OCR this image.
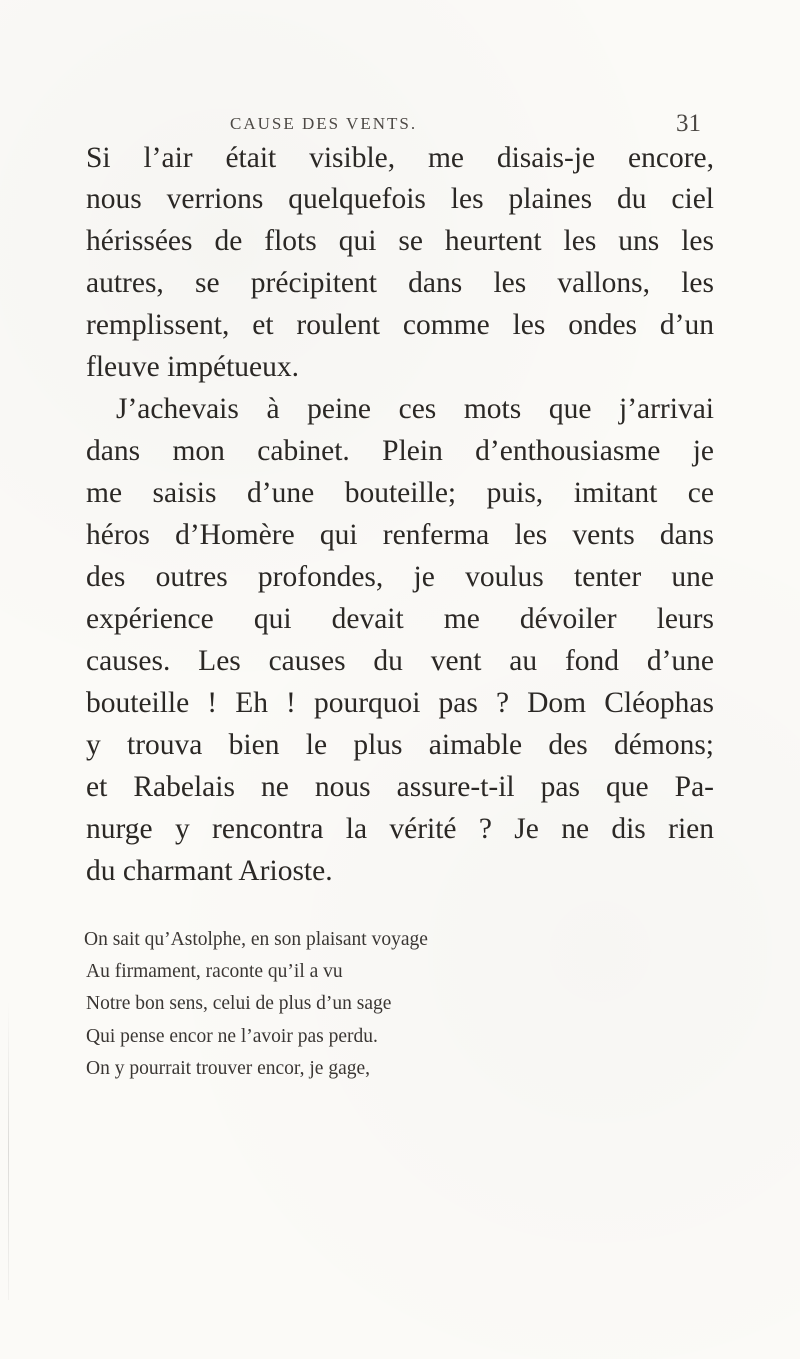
CAUSE DES VENTS.	31
Si l’air était visible, me disais-je encore,
nous verrions quelquefois les plaines du ciel
hérissées de flots qui se heurtent les uns les
autres, se précipitent dans les vallons, les
remplissent, et roulent comme les ondes d’un
fleuve impétueux.
J’achevais à peine ces mots que j’arrivai
dans mon cabinet. Plein d’enthousiasme je
me saisis d’une bouteille; puis, imitant ce
héros d’Homère qui renferma les vents dans
des outres profondes, je voulus tenter une
expérience qui devait me dévoiler leurs
causes. Les causes du vent au fond d’une
bouteille ! Eh ! pourquoi pas ? Dom Cléophas
y trouva bien le plus aimable des démons;
et Rabelais ne nous assure-t-il pas que Pa-
nurge y rencontra la vérité ? Je ne dis rien
du charmant Arioste.
On sait qu’Astolphe, en son plaisant voyage
Au firmament, raconte qu’il a vu
Notre bon sens, celui de plus d’un sage
Qui pense encor ne l’avoir pas perdu.
On y pourrait trouver encor, je gage,
